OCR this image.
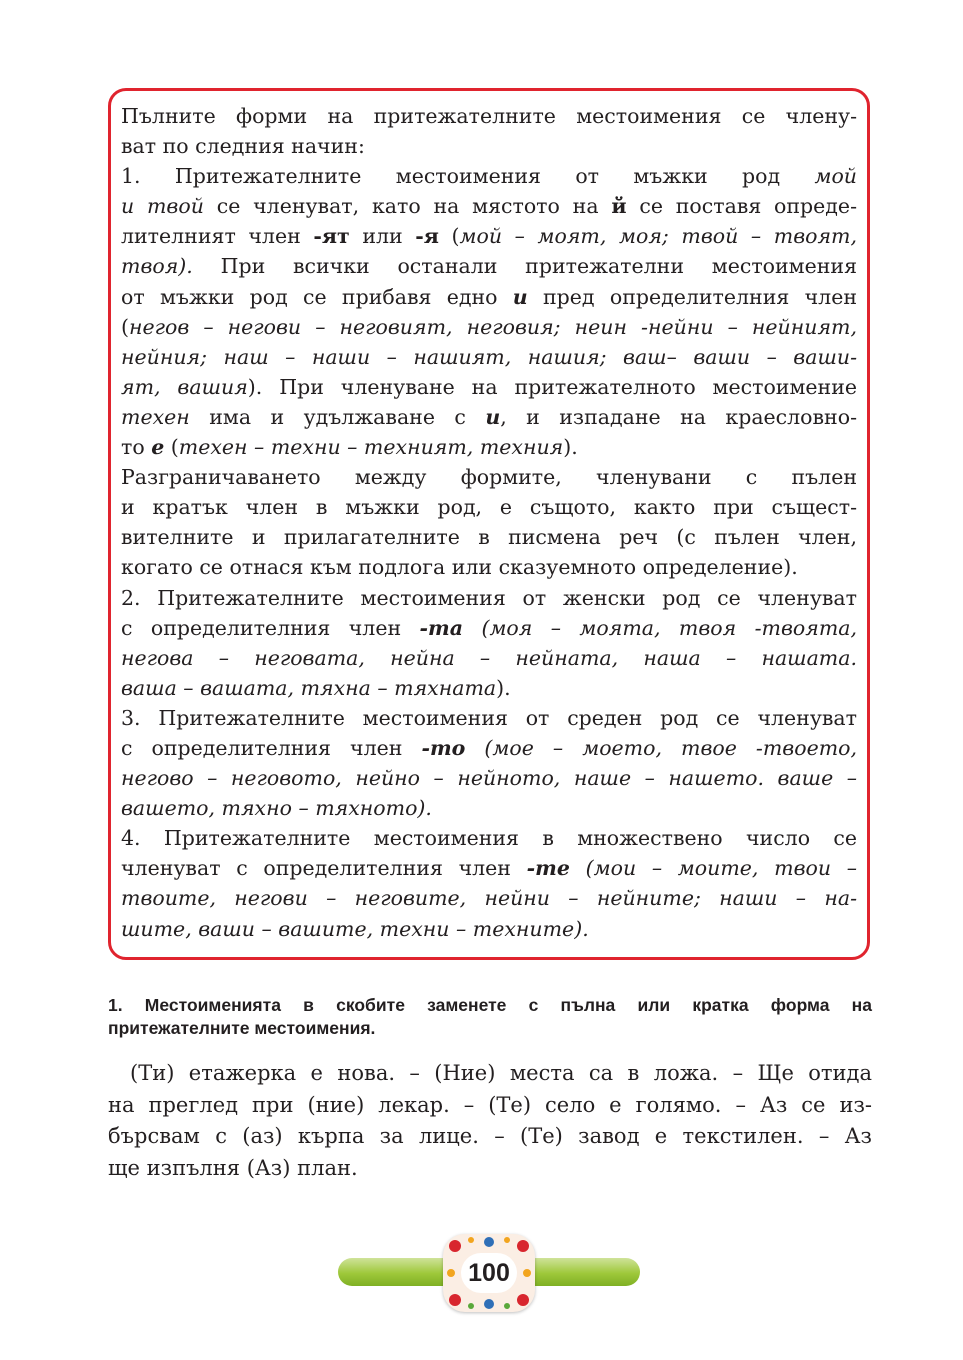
Пълните форми на притежателните местоимения се члену-
ват по следния начин:
1. Притежателните местоимения от мъжки род мой
и твой се членуват, като на мястото на й се поставя опреде-
лителният член -ят или -я (мой – моят, моя; твой – твоят,
твоя). При всички останали притежателни местоимения
от мъжки род се прибавя едно и пред определителния член
(негов – негови – неговият, неговия; неин -нейни – нейният,
нейния; наш – наши – нашият, нашия; ваш– ваши – ваши-
ят, вашия). При членуване на притежателното местоимение
техен има и удължаване с и, и изпадане на краесловно-
то е (техен – техни – техният, техния).
Разграничаването между формите, членувани с пълен
и кратък член в мъжки род, е същото, както при същест-
вителните и прилагателните в писмена реч (с пълен член,
когато се отнася към подлога или сказуемното определение).
2. Притежателните местоимения от женски род се членуват
с определителния член -та (моя – моята, твоя -твоята,
негова – неговата, нейна – нейната, наша – нашата.
ваша – вашата, тяхна – тяхната).
3. Притежателните местоимения от среден род се членуват
с определителния член -то (мое – моето, твое -твоето,
негово – неговото, нейно – нейното, наше – нашето. ваше –
вашето, тяхно – тяхното).
4. Притежателните местоимения в множествено число се
членуват с определителния член -те (мои – моите, твои –
твоите, негови – неговите, нейни – нейните; наши – на-
шите, ваши – вашите, техни – техните).
1. Местоименията в скобите заменете с пълна или кратка форма на
притежателните местоимения.
(Ти) етажерка е нова. – (Ние) места са в ложа. – Ще отида
на преглед при (ние) лекар. – (Те) село е голямо. – Аз се из-
бърсвам с (аз) кърпа за лице. – (Те) завод е текстилен. – Аз
ще изпълня (Аз) план.
100
